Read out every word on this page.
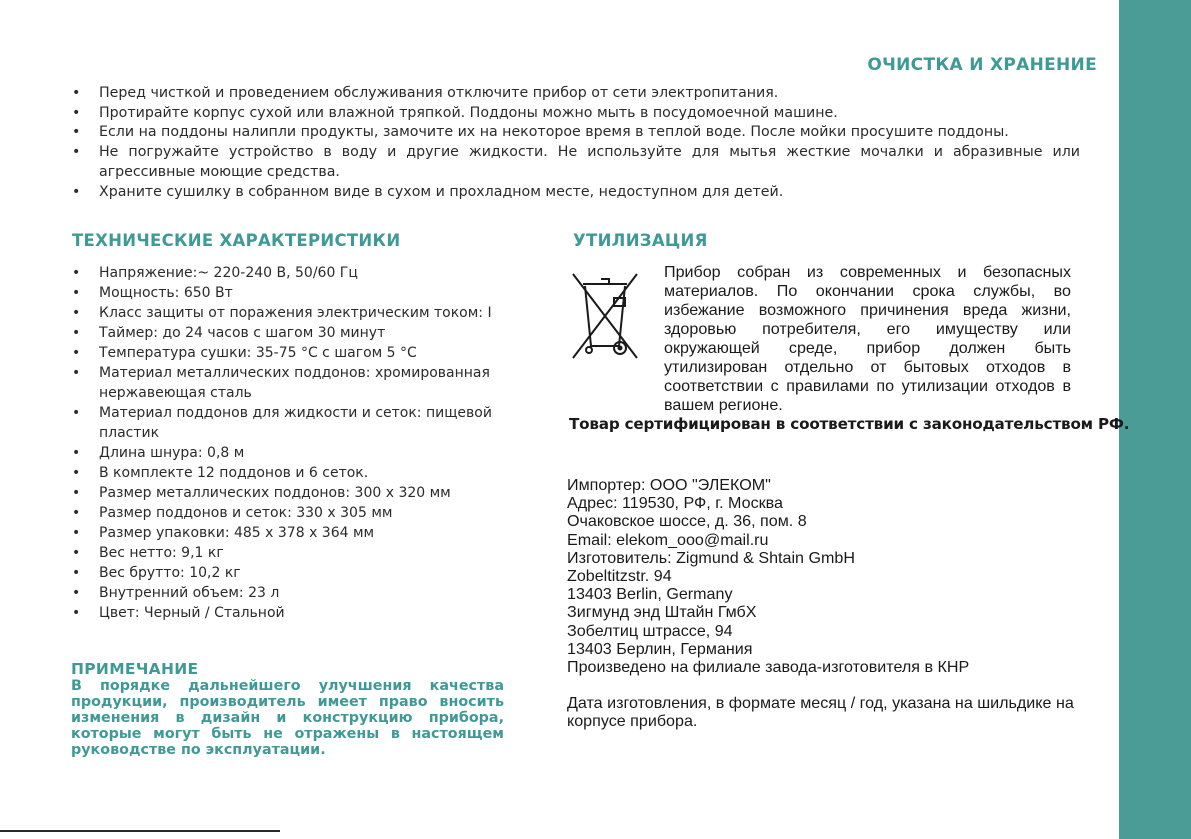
ОЧИСТКА И ХРАНЕНИЕ
• Перед чисткой и проведением обслуживания отключите прибор от сети электропитания.
• Протирайте корпус сухой или влажной тряпкой. Поддоны можно мыть в посудомоечной машине.
• Если на поддоны налипли продукты, замочите их на некоторое время в теплой воде. После мойки просушите поддоны.
• Не погружайте устройство в воду и другие жидкости. Не используйте для мытья жесткие мочалки и абразивные или агрессивные моющие средства.
• Храните сушилку в собранном виде в сухом и прохладном месте, недоступном для детей.
ТЕХНИЧЕСКИЕ ХАРАКТЕРИСТИКИ
• Напряжение:~ 220-240 В, 50/60 Гц
• Мощность: 650 Вт
• Класс защиты от поражения электрическим током: I
• Таймер: до 24 часов с шагом 30 минут
• Температура сушки: 35-75 °С с шагом 5 °С
• Материал металлических поддонов: хромированная нержавеющая сталь
• Материал поддонов для жидкости и сеток: пищевой пластик
• Длина шнура: 0,8 м
• В комплекте 12 поддонов и 6 сеток.
• Размер металлических поддонов: 300 х 320 мм
• Размер поддонов и сеток: 330 х 305 мм
• Размер упаковки: 485 х 378 х 364 мм
• Вес нетто: 9,1 кг
• Вес брутто: 10,2 кг
• Внутренний объем: 23 л
• Цвет: Черный / Стальной
ПРИМЕЧАНИЕ

В порядке дальнейшего улучшения качества продукции, производитель имеет право вносить изменения в дизайн и конструкцию прибора, которые могут быть не отражены в настоящем руководстве по эксплуатации.

УТИЛИЗАЦИЯ

Прибор собран из современных и безопасных материалов. По окончании срока службы, во избежание возможного причинения вреда жизни, здоровью потребителя, его имуществу или окружающей среде, прибор должен быть утилизирован отдельно от бытовых отходов в соответствии с правилами по утилизации отходов в вашем регионе.

Товар сертифицирован в соответствии с законодательством РФ.

Импортер: ООО "ЭЛЕКОМ"
Адрес: 119530, РФ, г. Москва
Очаковское шоссе, д. 36, пом. 8
Email: elekom_ooo@mail.ru
Изготовитель: Zigmund & Shtain GmbH
Zobeltitzstr. 94
13403 Berlin, Germany
Зигмунд энд Штайн ГмбХ
Зобелтиц штрассе, 94
13403 Берлин, Германия
Произведено на филиале завода-изготовителя в КНР
Дата изготовления, в формате месяц / год, указана на шильдике на корпусе прибора.
